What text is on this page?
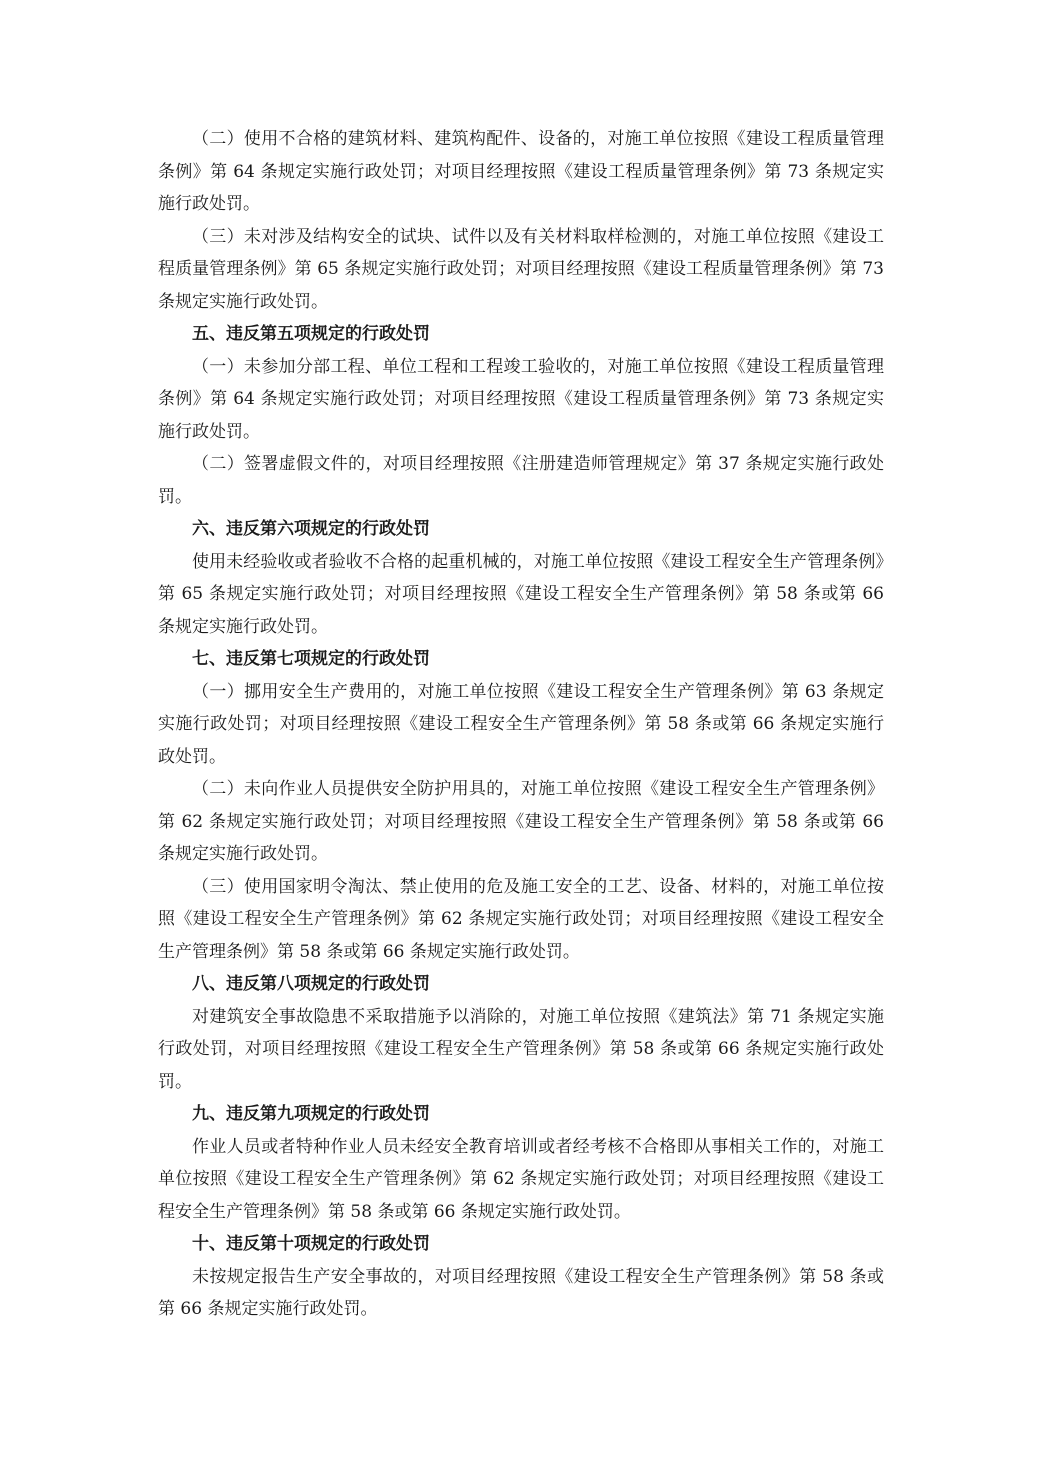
（二）使用不合格的建筑材料、建筑构配件、设备的，对施工单位按照《建设工程质量管理条例》第 64 条规定实施行政处罚；对项目经理按照《建设工程质量管理条例》第 73 条规定实施行政处罚。

（三）未对涉及结构安全的试块、试件以及有关材料取样检测的，对施工单位按照《建设工程质量管理条例》第 65 条规定实施行政处罚；对项目经理按照《建设工程质量管理条例》第 73 条规定实施行政处罚。

五、违反第五项规定的行政处罚

（一）未参加分部工程、单位工程和工程竣工验收的，对施工单位按照《建设工程质量管理条例》第 64 条规定实施行政处罚；对项目经理按照《建设工程质量管理条例》第 73 条规定实施行政处罚。

（二）签署虚假文件的，对项目经理按照《注册建造师管理规定》第 37 条规定实施行政处罚。

六、违反第六项规定的行政处罚

使用未经验收或者验收不合格的起重机械的，对施工单位按照《建设工程安全生产管理条例》第 65 条规定实施行政处罚；对项目经理按照《建设工程安全生产管理条例》第 58 条或第 66 条规定实施行政处罚。

七、违反第七项规定的行政处罚

（一）挪用安全生产费用的，对施工单位按照《建设工程安全生产管理条例》第 63 条规定实施行政处罚；对项目经理按照《建设工程安全生产管理条例》第 58 条或第 66 条规定实施行政处罚。

（二）未向作业人员提供安全防护用具的，对施工单位按照《建设工程安全生产管理条例》第 62 条规定实施行政处罚；对项目经理按照《建设工程安全生产管理条例》第 58 条或第 66 条规定实施行政处罚。

（三）使用国家明令淘汰、禁止使用的危及施工安全的工艺、设备、材料的，对施工单位按照《建设工程安全生产管理条例》第 62 条规定实施行政处罚；对项目经理按照《建设工程安全生产管理条例》第 58 条或第 66 条规定实施行政处罚。

八、违反第八项规定的行政处罚

对建筑安全事故隐患不采取措施予以消除的，对施工单位按照《建筑法》第 71 条规定实施行政处罚，对项目经理按照《建设工程安全生产管理条例》第 58 条或第 66 条规定实施行政处罚。

九、违反第九项规定的行政处罚

作业人员或者特种作业人员未经安全教育培训或者经考核不合格即从事相关工作的，对施工单位按照《建设工程安全生产管理条例》第 62 条规定实施行政处罚；对项目经理按照《建设工程安全生产管理条例》第 58 条或第 66 条规定实施行政处罚。

十、违反第十项规定的行政处罚

未按规定报告生产安全事故的，对项目经理按照《建设工程安全生产管理条例》第 58 条或第 66 条规定实施行政处罚。
